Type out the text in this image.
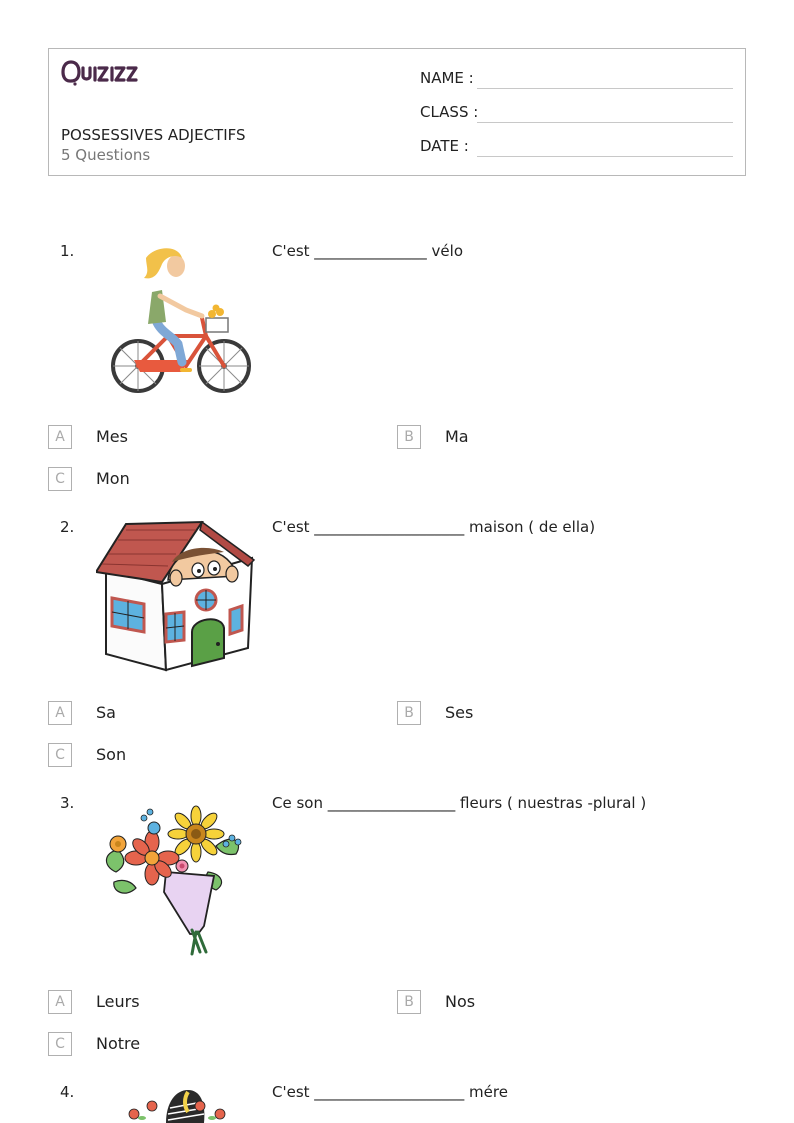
POSSESSIVES ADJECTIFS
5 Questions
NAME :
CLASS :
DATE :
1.	C'est _______________ vélo
A	Mes	B	Ma
C	Mon
2.	C'est ____________________ maison ( de ella)
A	Sa	B	Ses
C	Son
3.	Ce son _________________ fleurs ( nuestras -plural )
A	Leurs	B	Nos
C	Notre
4.	C'est ____________________ mére
